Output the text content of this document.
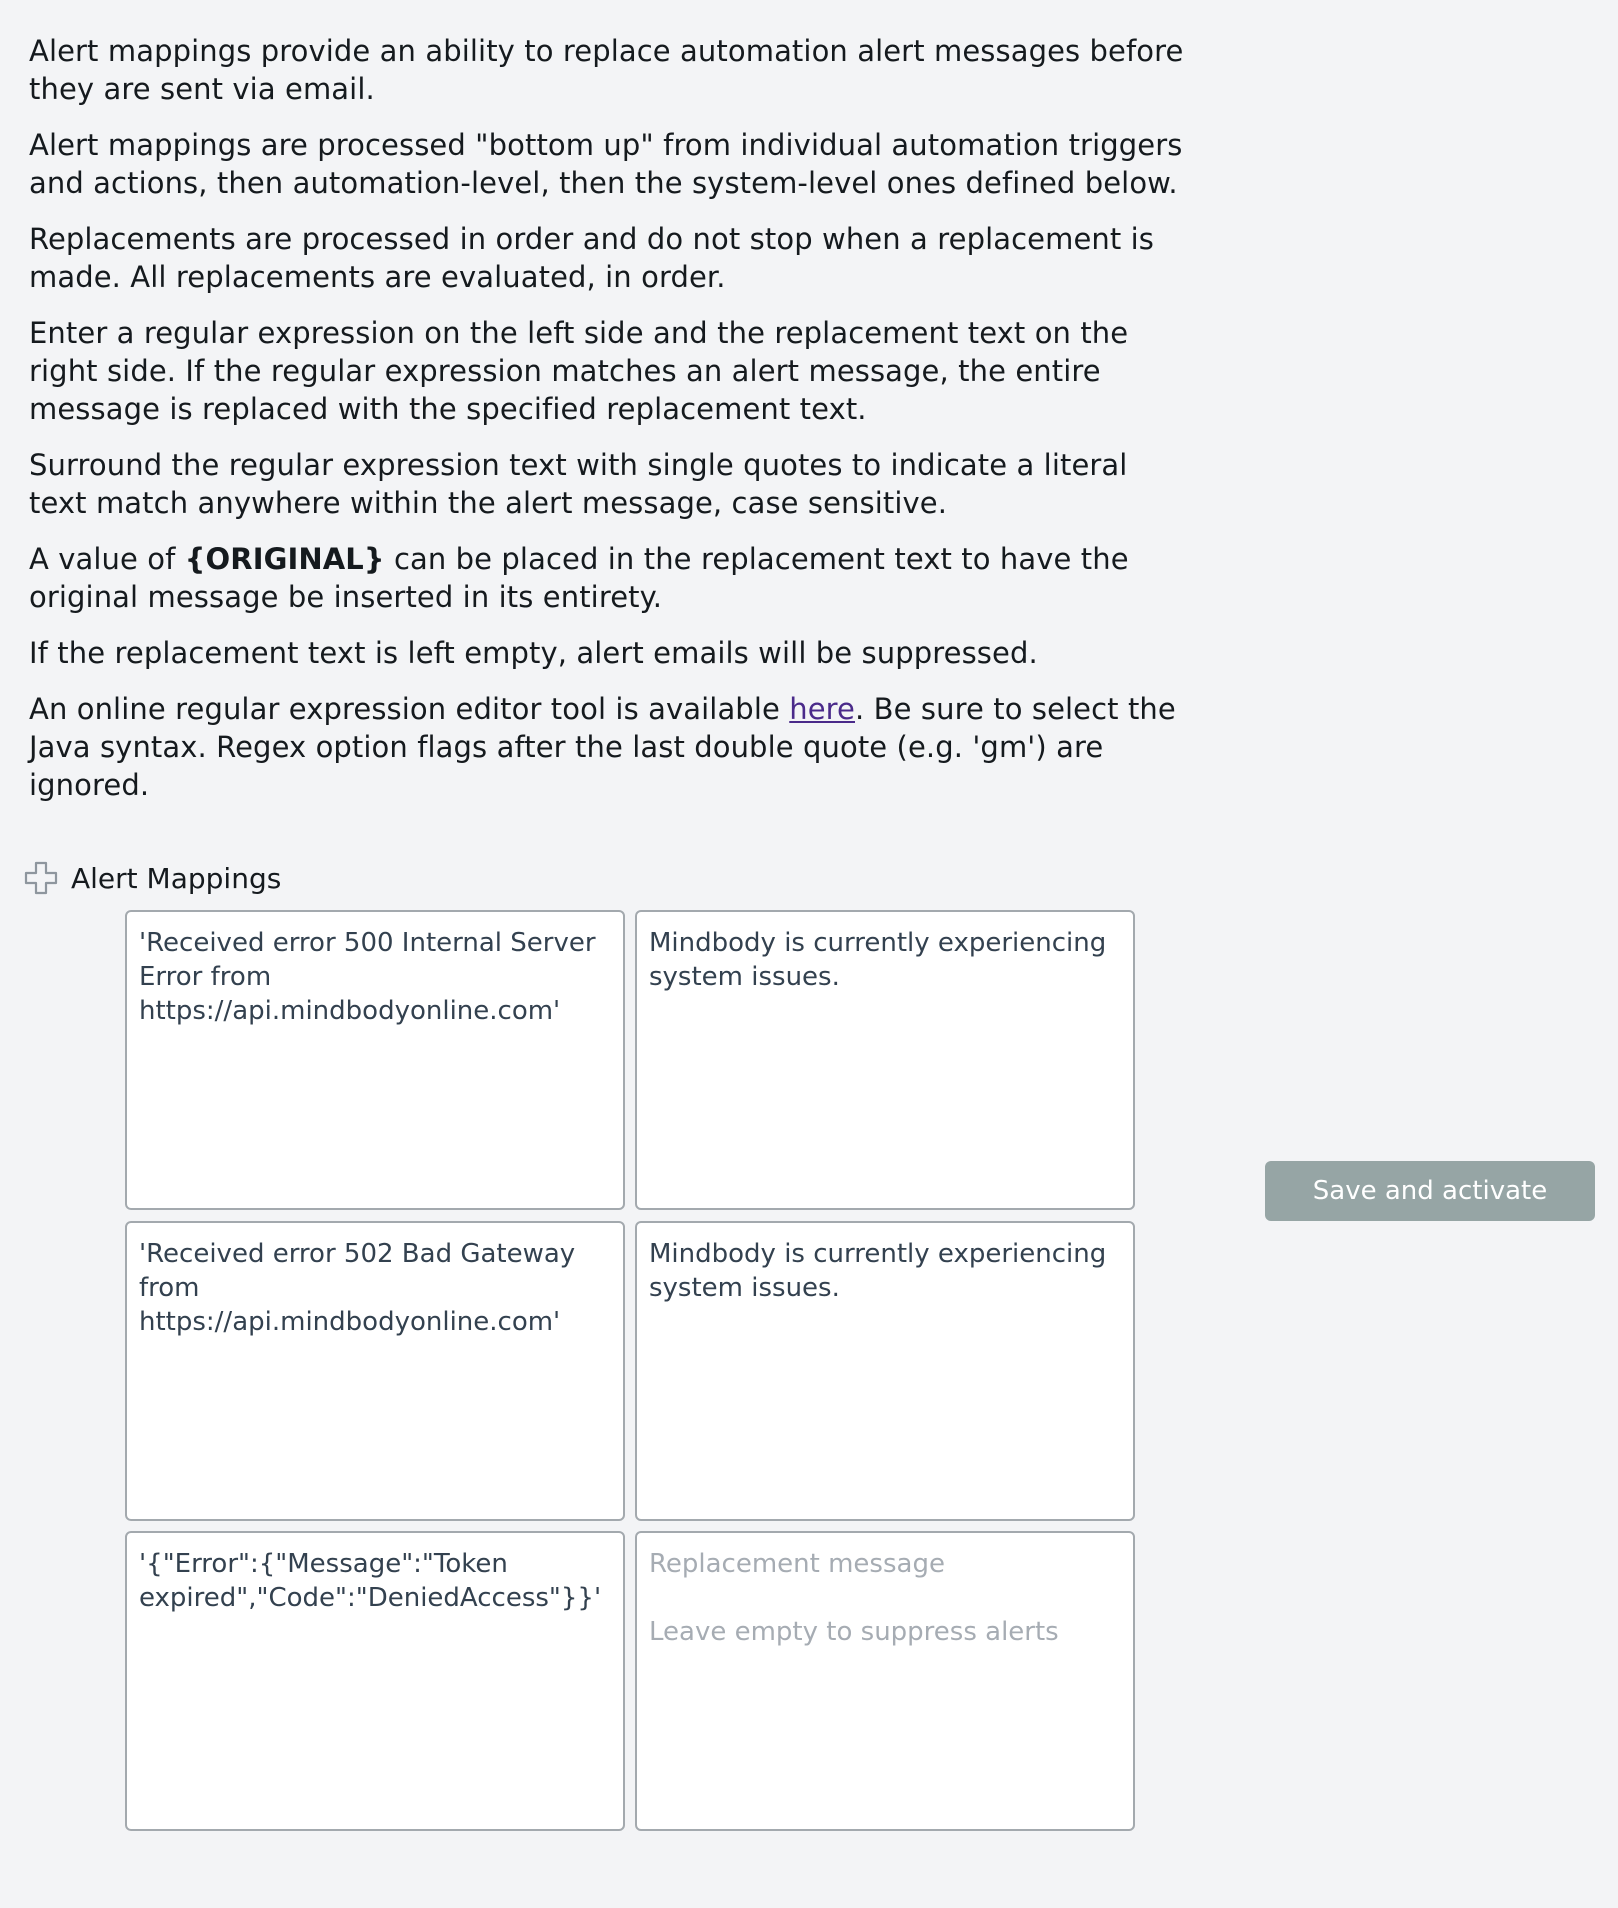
Alert mappings provide an ability to replace automation alert messages before they are sent via email.

Alert mappings are processed "bottom up" from individual automation triggers and actions, then automation-level, then the system-level ones defined below.

Replacements are processed in order and do not stop when a replacement is made. All replacements are evaluated, in order.

Enter a regular expression on the left side and the replacement text on the right side. If the regular expression matches an alert message, the entire message is replaced with the specified replacement text.

Surround the regular expression text with single quotes to indicate a literal text match anywhere within the alert message, case sensitive.

A value of {ORIGINAL} can be placed in the replacement text to have the original message be inserted in its entirety.

If the replacement text is left empty, alert emails will be suppressed.

An online regular expression editor tool is available here. Be sure to select the Java syntax. Regex option flags after the last double quote (e.g. 'gm') are ignored.

Alert Mappings
'Received error 500 Internal Server Error from https://api.mindbodyonline.com'
Mindbody is currently experiencing system issues.
'Received error 502 Bad Gateway from https://api.mindbodyonline.com'
Mindbody is currently experiencing system issues.
'{"Error":{"Message":"Token expired","Code":"DeniedAccess"}}'
Replacement message Leave empty to suppress alerts
Save and activate
